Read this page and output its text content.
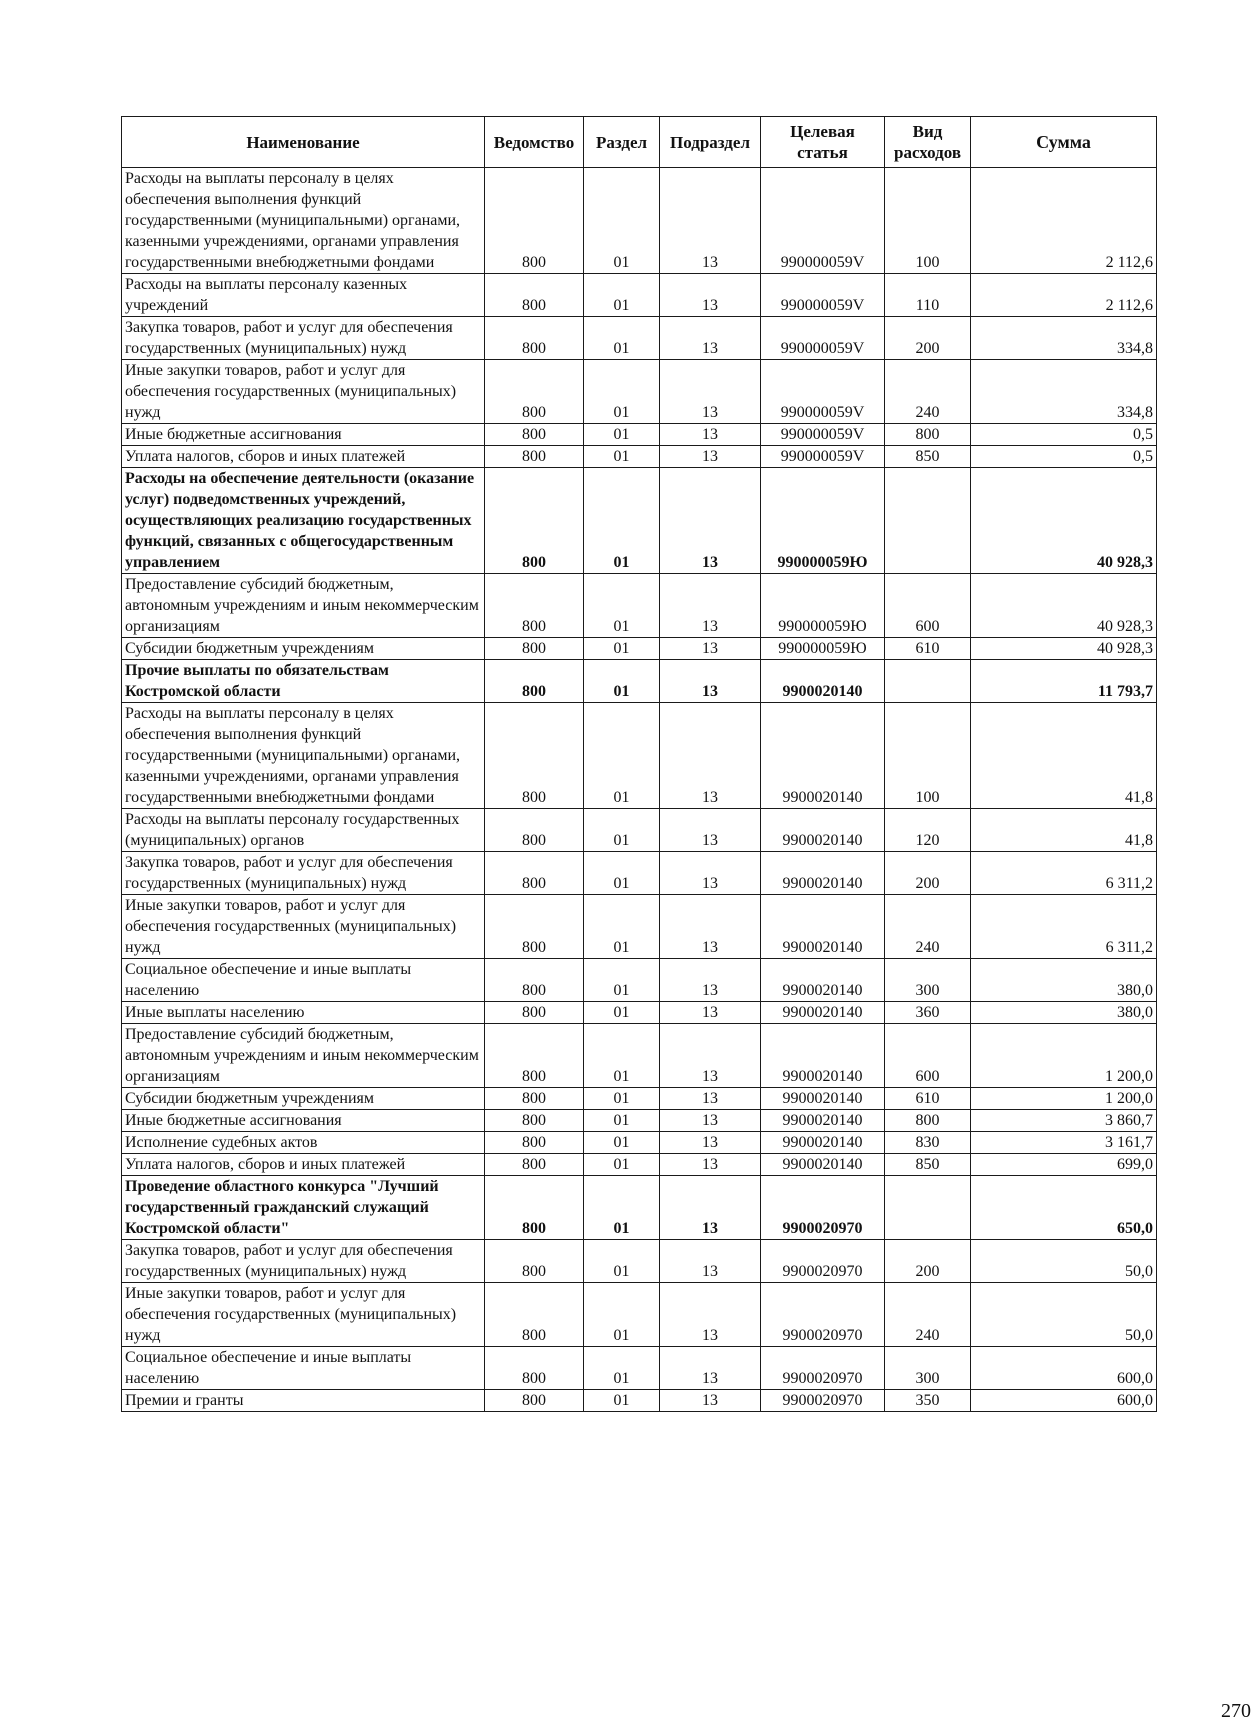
Наименование	Ведомство	Раздел	Подраздел	Целевая статья	Вид расходов	Сумма
Расходы на выплаты персоналу в целях обеспечения выполнения функций государственными (муниципальными) органами, казенными учреждениями, органами управления государственными внебюджетными фондами	800	01	13	990000059V	100	2 112,6
Расходы на выплаты персоналу казенных учреждений	800	01	13	990000059V	110	2 112,6
Закупка товаров, работ и услуг для обеспечения государственных (муниципальных) нужд	800	01	13	990000059V	200	334,8
Иные закупки товаров, работ и услуг для обеспечения государственных (муниципальных) нужд	800	01	13	990000059V	240	334,8
Иные бюджетные ассигнования	800	01	13	990000059V	800	0,5
Уплата налогов, сборов и иных платежей	800	01	13	990000059V	850	0,5
Расходы на обеспечение деятельности (оказание услуг) подведомственных учреждений, осуществляющих реализацию государственных функций, связанных с общегосударственным управлением	800	01	13	990000059Ю		40 928,3
Предоставление субсидий бюджетным, автономным учреждениям и иным некоммерческим организациям	800	01	13	990000059Ю	600	40 928,3
Субсидии бюджетным учреждениям	800	01	13	990000059Ю	610	40 928,3
Прочие выплаты по обязательствам Костромской области	800	01	13	9900020140		11 793,7
Расходы на выплаты персоналу в целях обеспечения выполнения функций государственными (муниципальными) органами, казенными учреждениями, органами управления государственными внебюджетными фондами	800	01	13	9900020140	100	41,8
Расходы на выплаты персоналу государственных (муниципальных) органов	800	01	13	9900020140	120	41,8
Закупка товаров, работ и услуг для обеспечения государственных (муниципальных) нужд	800	01	13	9900020140	200	6 311,2
Иные закупки товаров, работ и услуг для обеспечения государственных (муниципальных) нужд	800	01	13	9900020140	240	6 311,2
Социальное обеспечение и иные выплаты населению	800	01	13	9900020140	300	380,0
Иные выплаты населению	800	01	13	9900020140	360	380,0
Предоставление субсидий бюджетным, автономным учреждениям и иным некоммерческим организациям	800	01	13	9900020140	600	1 200,0
Субсидии бюджетным учреждениям	800	01	13	9900020140	610	1 200,0
Иные бюджетные ассигнования	800	01	13	9900020140	800	3 860,7
Исполнение судебных актов	800	01	13	9900020140	830	3 161,7
Уплата налогов, сборов и иных платежей	800	01	13	9900020140	850	699,0
Проведение областного конкурса "Лучший государственный гражданский служащий Костромской области"	800	01	13	9900020970		650,0
Закупка товаров, работ и услуг для обеспечения государственных (муниципальных) нужд	800	01	13	9900020970	200	50,0
Иные закупки товаров, работ и услуг для обеспечения государственных (муниципальных) нужд	800	01	13	9900020970	240	50,0
Социальное обеспечение и иные выплаты населению	800	01	13	9900020970	300	600,0
Премии и гранты	800	01	13	9900020970	350	600,0
270
